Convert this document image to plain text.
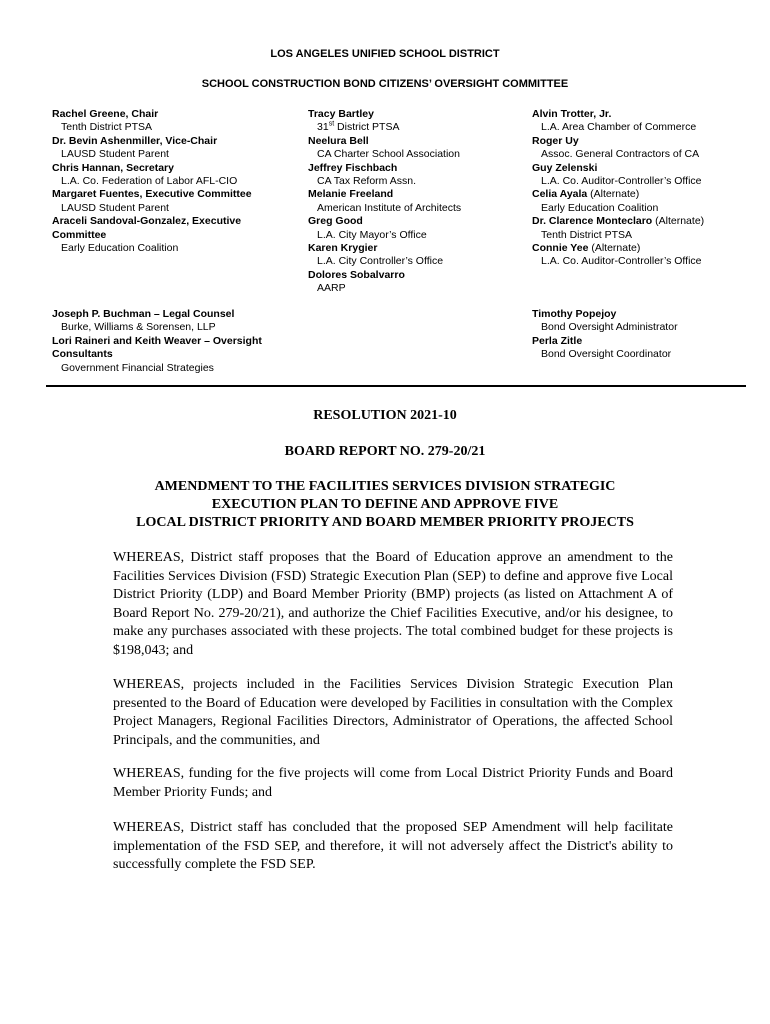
LOS ANGELES UNIFIED SCHOOL DISTRICT
SCHOOL CONSTRUCTION BOND CITIZENS’ OVERSIGHT COMMITTEE
Rachel Greene, Chair
Tenth District PTSA
Dr. Bevin Ashenmiller, Vice-Chair
LAUSD Student Parent
Chris Hannan, Secretary
L.A. Co. Federation of Labor AFL-CIO
Margaret Fuentes, Executive Committee
LAUSD Student Parent
Araceli Sandoval-Gonzalez, Executive Committee
Early Education Coalition
Tracy Bartley
31st District PTSA
Neelura Bell
CA Charter School Association
Jeffrey Fischbach
CA Tax Reform Assn.
Melanie Freeland
American Institute of Architects
Greg Good
L.A. City Mayor’s Office
Karen Krygier
L.A. City Controller’s Office
Dolores Sobalvarro
AARP
Alvin Trotter, Jr.
L.A. Area Chamber of Commerce
Roger Uy
Assoc. General Contractors of CA
Guy Zelenski
L.A. Co. Auditor-Controller’s Office
Celia Ayala (Alternate)
Early Education Coalition
Dr. Clarence Monteclaro (Alternate)
Tenth District PTSA
Connie Yee (Alternate)
L.A. Co. Auditor-Controller’s Office
Joseph P. Buchman – Legal Counsel
Burke, Williams & Sorensen, LLP
Lori Raineri and Keith Weaver – Oversight Consultants
Government Financial Strategies
Timothy Popejoy
Bond Oversight Administrator
Perla Zitle
Bond Oversight Coordinator
RESOLUTION 2021-10
BOARD REPORT NO. 279-20/21
AMENDMENT TO THE FACILITIES SERVICES DIVISION STRATEGIC
EXECUTION PLAN TO DEFINE AND APPROVE FIVE
LOCAL DISTRICT PRIORITY AND BOARD MEMBER PRIORITY PROJECTS
WHEREAS, District staff proposes that the Board of Education approve an amendment to the Facilities Services Division (FSD) Strategic Execution Plan (SEP) to define and approve five Local District Priority (LDP) and Board Member Priority (BMP) projects (as listed on Attachment A of Board Report No. 279-20/21), and authorize the Chief Facilities Executive, and/or his designee, to make any purchases associated with these projects. The total combined budget for these projects is $198,043; and
WHEREAS, projects included in the Facilities Services Division Strategic Execution Plan presented to the Board of Education were developed by Facilities in consultation with the Complex Project Managers, Regional Facilities Directors, Administrator of Operations, the affected School Principals, and the communities, and
WHEREAS, funding for the five projects will come from Local District Priority Funds and Board Member Priority Funds; and
WHEREAS, District staff has concluded that the proposed SEP Amendment will help facilitate implementation of the FSD SEP, and therefore, it will not adversely affect the District's ability to successfully complete the FSD SEP.
